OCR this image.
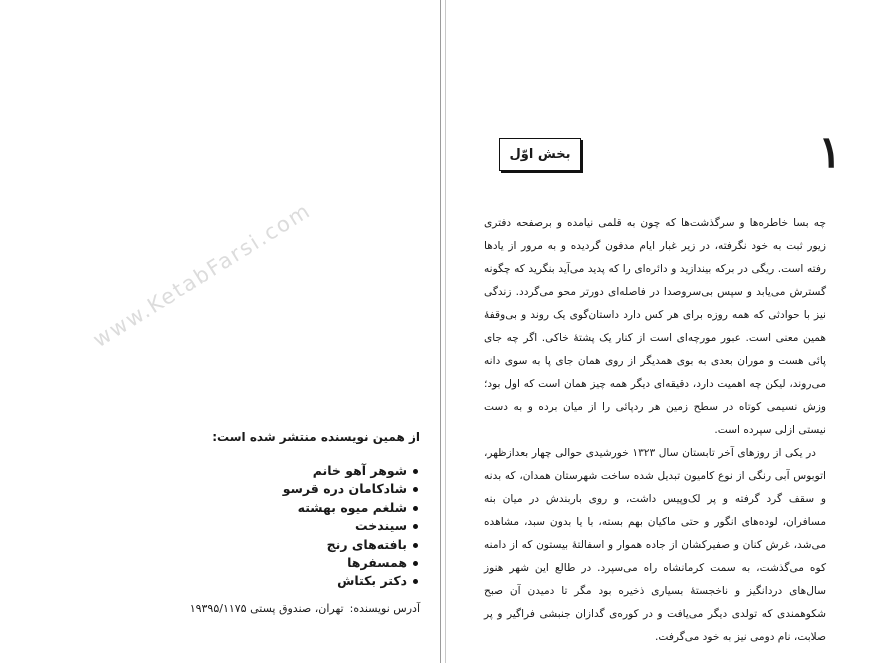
www.KetabFarsi.com

از همین نویسنده منتشر شده است:

شوهر آهو خانم
شادکامان دره قرسو
شلغم میوه بهشته
سیندخت
بافته‌های رنج
همسفرها
دکتر بکتاش
آدرس نویسنده:تهران، صندوق پستی ۱۹۳۹۵/۱۱۷۵
۱
بخش اوّل

چه بسا خاطره‌ها و سرگذشت‌ها که چون به قلمی نیامده و برصفحه دفتری زیور ثبت به خود نگرفته، در زیر غبار ایام مدفون گردیده و به مرور از یادها رفته است. ریگی در برکه بیندازید و دائره‌ای را که پدید می‌آید بنگرید که چگونه گسترش می‌یابد و سپس بی‌سروصدا در فاصله‌ای دورتر محو می‌گردد. زندگی نیز با حوادثی که همه روزه برای هر کس دارد داستان‌گوی یک روند و بی‌وقفهٔ همین معنی است. عبور مورچه‌ای است از کنار یک پشتهٔ خاکی. اگر چه جای پائی هست و موران بعدی به بوی همدیگر از روی همان جای پا به سوی دانه می‌روند، لیکن چه اهمیت دارد، دقیقه‌ای دیگر همه چیز همان است که اول بود؛ وزش نسیمی کوتاه در سطح زمین هر ردپائی را از میان برده و به دست نیستی ازلی سپرده است.

در یکی از روزهای آخر تابستان سال ۱۳۲۳ خورشیدی حوالی چهار بعدازظهر، اتوبوس آبی رنگی از نوع کامیون تبدیل شده ساخت شهرستان همدان، که بدنه و سقف گرد گرفته و پر لک‌وپیس داشت، و روی باربندش در میان بنه مسافران، لوده‌های انگور و حتی ماکیان بهم بسته، با یا بدون سبد، مشاهده می‌شد، غرش کنان و صفیرکشان از جاده هموار و اسفالتهٔ بیستون که از دامنه کوه می‌گذشت، به سمت کرمانشاه راه می‌سپرد. در طالع این شهر هنوز سال‌های دردانگیز و ناخجستهٔ بسیاری ذخیره بود مگر تا دمیدن آن صبح شکوهمندی که تولدی دیگر می‌یافت و در کوره‌ی گدازان جنبشی فراگیر و پر صلابت، نام دومی نیز به خود می‌گرفت.
